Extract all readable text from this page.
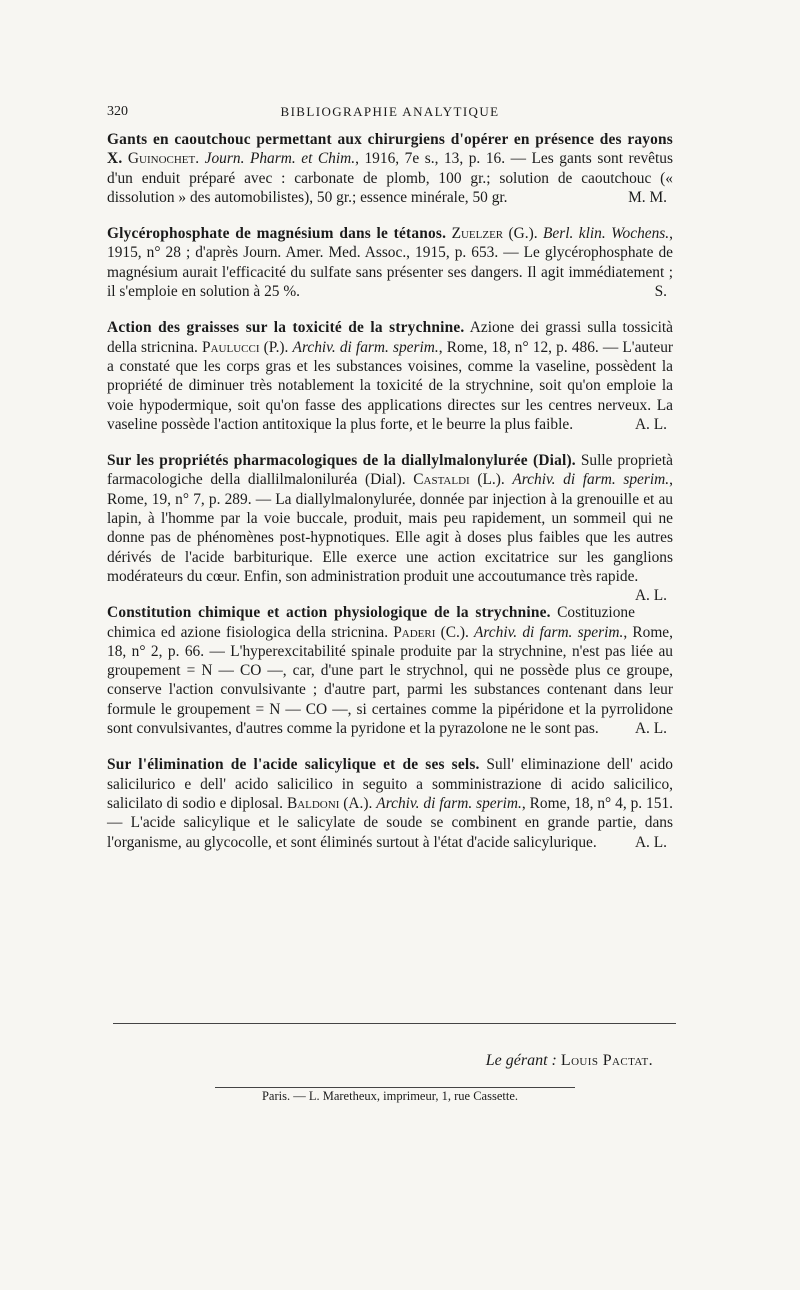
320	BIBLIOGRAPHIE ANALYTIQUE

Gants en caoutchouc permettant aux chirurgiens d'opérer en présence des rayons X. Guinochet. Journ. Pharm. et Chim., 1916, 7e s., 13, p. 16. — Les gants sont revêtus d'un enduit préparé avec : carbonate de plomb, 100 gr.; solution de caoutchouc (« dissolution » des automobilistes), 50 gr.; essence minérale, 50 gr.	M. M.

Glycérophosphate de magnésium dans le tétanos. Zuelzer (G.). Berl. klin. Wochens., 1915, n° 28 ; d'après Journ. Amer. Med. Assoc., 1915, p. 653. — Le glycérophosphate de magnésium aurait l'efficacité du sulfate sans présenter ses dangers. Il agit immédiatement ; il s'emploie en solution à 25 %.	S.

Action des graisses sur la toxicité de la strychnine. Azione dei grassi sulla tossicità della stricnina. Paulucci (P.). Archiv. di farm. sperim., Rome, 18, n° 12, p. 486. — L'auteur a constaté que les corps gras et les substances voisines, comme la vaseline, possèdent la propriété de diminuer très notablement la toxicité de la strychnine, soit qu'on emploie la voie hypodermique, soit qu'on fasse des applications directes sur les centres nerveux. La vaseline possède l'action antitoxique la plus forte, et le beurre la plus faible.	A. L.

Sur les propriétés pharmacologiques de la diallylmalonylurée (Dial). Sulle proprietà farmacologiche della diallilmaloniluréa (Dial). Castaldi (L.). Archiv. di farm. sperim., Rome, 19, n° 7, p. 289. — La diallylmalonylurée, donnée par injection à la grenouille et au lapin, à l'homme par la voie buccale, produit, mais peu rapidement, un sommeil qui ne donne pas de phénomènes post-hypnotiques. Elle agit à doses plus faibles que les autres dérivés de l'acide barbiturique. Elle exerce une action excitatrice sur les ganglions modérateurs du cœur. Enfin, son administration produit une accoutumance très rapide.
A. L.

Constitution chimique et action physiologique de la strychnine. Costituzione chimica ed azione fisiologica della stricnina. Paderi (C.). Archiv. di farm. sperim., Rome, 18, n° 2, p. 66. — L'hyperexcitabilité spinale produite par la strychnine, n'est pas liée au groupement = N — CO —, car, d'une part le strychnol, qui ne possède plus ce groupe, conserve l'action convulsivante ; d'autre part, parmi les substances contenant dans leur formule le groupement = N — CO —, si certaines comme la pipéridone et la pyrrolidone sont convulsivantes, d'autres comme la pyridone et la pyrazolone ne le sont pas. A. L.

Sur l'élimination de l'acide salicylique et de ses sels. Sull' eliminazione dell' acido salicilurico e dell' acido salicilico in seguito a somministrazione di acido salicilico, salicilato di sodio e diplosal. Baldoni (A.). Archiv. di farm. sperim., Rome, 18, n° 4, p. 151.— L'acide salicylique et le salicylate de soude se combinent en grande partie, dans l'organisme, au glycocolle, et sont éliminés surtout à l'état d'acide salicylurique. A. L.

Le gérant : Louis Pactat.
Paris. — L. Maretheux, imprimeur, 1, rue Cassette.
